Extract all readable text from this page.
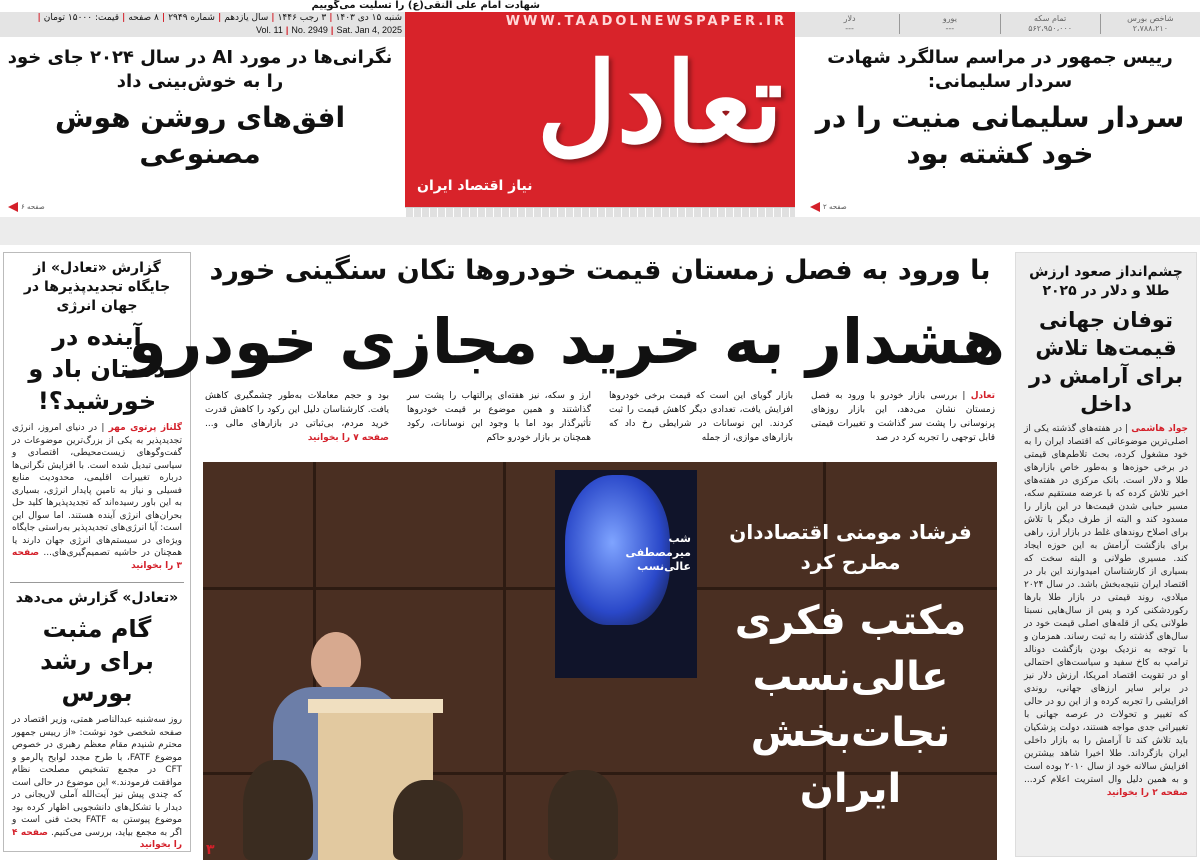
شهادت امام علی النقی(ع) را تسلیت می‌گوییم
شنبه ۱۵ دی ۱۴۰۳|
۳ رجب ۱۴۴۶|
سال یازدهم|
شماره ۲۹۴۹|
۸ صفحه|
قیمت: ۱۵۰۰۰ تومان|
Sat. Jan 4, 2025|
No. 2949|
Vol. 11
شاخص بورس
۲،۷۸۸،۲۱۰
تمام سکه
۵۶۲،۹۵۰،۰۰۰
یورو
---
دلار
---
WWW.TAADOLNEWSPAPER.IR
تعادل
نیاز اقتصاد ایران
نگرانی‌ها در مورد AI در سال ۲۰۲۴ جای خود را به خوش‌بینی داد
افق‌های روشن هوش مصنوعی
صفحه ۶
رییس جمهور در مراسم سالگرد شهادت سردار سلیمانی:
سردار سلیمانی منیت را در خود کشته بود
صفحه ۲
گزارش «تعادل» از جایگاه تجدیدپذیرها در جهان انرژی
آینده در دستان باد و خورشید؟!
گلناز پرتوی مهر | در دنیای امروز، انرژی تجدیدپذیر به یکی از بزرگ‌ترین موضوعات در گفت‌وگوهای زیست‌محیطی، اقتصادی و سیاسی تبدیل شده است. با افزایش نگرانی‌ها درباره تغییرات اقلیمی، محدودیت منابع فسیلی و نیاز به تامین پایدار انرژی، بسیاری به این باور رسیده‌اند که تجدیدپذیرها کلید حل بحران‌های انرژی آینده هستند. اما سوال این است: آیا انرژی‌های تجدیدپذیر به‌راستی جایگاه ویژه‌ای در سیستم‌های انرژی جهان دارند یا همچنان در حاشیه تصمیم‌گیری‌های... صفحه ۳ را بخوانید
«تعادل» گزارش می‌دهد
گام مثبت برای رشد بورس
روز سه‌شنبه عبدالناصر همتی، وزیر اقتصاد در صفحه شخصی خود نوشت: «از رییس جمهور محترم شنیدم مقام معظم رهبری در خصوص موضوع FATF، با طرح مجدد لوایح پالرمو و CFT در مجمع تشخیص مصلحت نظام موافقت فرمودند.» این موضوع در حالی است که چندی پیش نیز آیت‌الله آملی لاریجانی در دیدار با تشکل‌های دانشجویی اظهار کرده بود موضوع پیوستن به FATF بحث فنی است و اگر به مجمع بیاید، بررسی می‌کنیم. صفحه ۴ را بخوانید
چشم‌انداز صعود ارزش طلا و دلار در ۲۰۲۵
توفان جهانی قیمت‌ها تلاش برای آرامش در داخل
جواد هاشمی | در هفته‌های گذشته یکی از اصلی‌ترین موضوعاتی که اقتصاد ایران را به خود مشغول کرده، بحث تلاطم‌های قیمتی در برخی حوزه‌ها و به‌طور خاص بازارهای طلا و دلار است. بانک مرکزی در هفته‌های اخیر تلاش کرده که با عرضه مستقیم سکه، مسیر حبابی شدن قیمت‌ها در این بازار را مسدود کند و البته از طرف دیگر با تلاش برای اصلاح روندهای غلط در بازار ارز، راهی برای بازگشت آرامش به این حوزه ایجاد کند. مسیری طولانی و البته سخت که بسیاری از کارشناسان امیدوارند این بار در اقتصاد ایران نتیجه‌بخش باشد. در سال ۲۰۲۴ میلادی، روند قیمتی در بازار طلا بارها رکوردشکنی کرد و پس از سال‌هایی نسبتا طولانی یکی از قله‌های اصلی قیمت خود در سال‌های گذشته را به ثبت رساند. همزمان و با توجه به نزدیک بودن بازگشت دونالد ترامپ به کاخ سفید و سیاست‌های احتمالی او در تقویت اقتصاد امریکا، ارزش دلار نیز در برابر سایر ارزهای جهانی، روندی افزایشی را تجربه کرده و از این رو در حالی که تغییر و تحولات در عرصه جهانی با تغییراتی جدی مواجه هستند، دولت پزشکیان باید تلاش کند تا آرامش را به بازار داخلی ایران بازگرداند. طلا اخیرا شاهد بیشترین افزایش سالانه خود از سال ۲۰۱۰ بوده است و به همین دلیل وال استریت اعلام کرد... صفحه ۲ را بخوانید
با ورود به فصل زمستان قیمت خودروها تکان سنگینی خورد
هشدار به خرید مجازی خودرو
تعادل | بررسی بازار خودرو با ورود به فصل زمستان نشان می‌دهد، این بازار روزهای پرنوسانی را پشت سر گذاشت و تغییرات قیمتی قابل توجهی را تجربه کرد در صد
بازار گویای این است که قیمت برخی خودروها افزایش یافت، تعدادی دیگر کاهش قیمت را ثبت کردند. این نوسانات در شرایطی رخ داد که بازارهای موازی، از جمله
ارز و سکه، نیز هفته‌ای پرالتهاب را پشت سر گذاشتند و همین موضوع بر قیمت خودروها تأثیرگذار بود اما با وجود این نوسانات، رکود همچنان بر بازار خودرو حاکم
بود و حجم معاملات به‌طور چشمگیری کاهش یافت. کارشناسان دلیل این رکود را کاهش قدرت خرید مردم، بی‌ثباتی در بازارهای مالی و... صفحه ۷ را بخوانید
شب میرمصطفی عالی‌نسب
فرشاد مومنی اقتصاددان مطرح کرد
مکتب فکری عالی‌نسب نجات‌بخش ایران
۳
